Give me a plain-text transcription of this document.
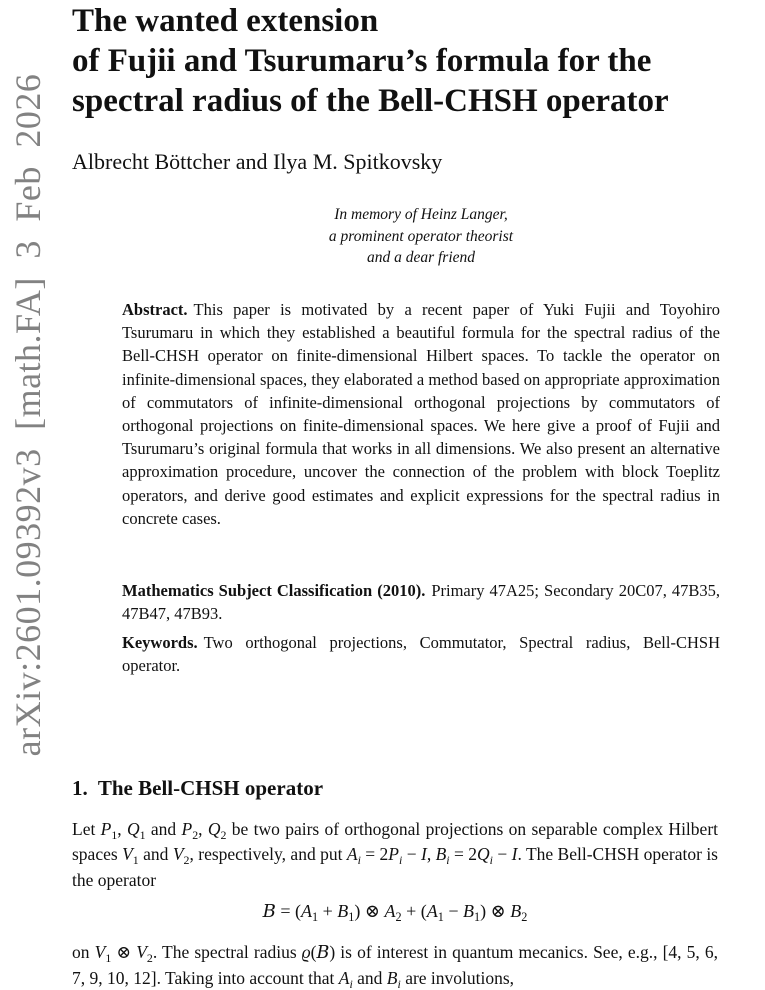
arXiv:2601.09392v3 [math.FA] 3 Feb 2026
The wanted extension
of Fujii and Tsurumaru’s formula for the
spectral radius of the Bell-CHSH operator
Albrecht Böttcher and Ilya M. Spitkovsky
In memory of Heinz Langer,
a prominent operator theorist
and a dear friend
Abstract. This paper is motivated by a recent paper of Yuki Fujii and Toyohiro Tsurumaru in which they established a beautiful formula for the spectral radius of the Bell-CHSH operator on finite-dimensional Hilbert spaces. To tackle the operator on infinite-dimensional spaces, they elaborated a method based on appropriate approximation of commutators of infinite-dimensional orthogonal projections by commutators of orthogonal projections on finite-dimensional spaces. We here give a proof of Fujii and Tsurumaru’s original formula that works in all dimensions. We also present an alternative approximation procedure, uncover the connection of the problem with block Toeplitz operators, and derive good estimates and explicit expressions for the spectral radius in concrete cases.
Mathematics Subject Classification (2010). Primary 47A25; Secondary 20C07, 47B35, 47B47, 47B93.
Keywords. Two orthogonal projections, Commutator, Spectral radius, Bell-CHSH operator.
1.  The Bell-CHSH operator
Let $P_1$, $Q_1$ and $P_2$, $Q_2$ be two pairs of orthogonal projections on separable complex Hilbert spaces $V_1$ and $V_2$, respectively, and put $A_i = 2P_i - I$, $B_i = 2Q_i - I$. The Bell-CHSH operator is the operator
$B = (A_1 + B_1)$ ⊗ $A_2 + (A_1 - B_1)$ ⊗ $B_2$
on $V_1$ ⊗ $V_2$. The spectral radius ϱ(B) is of interest in quantum mecanics. See, e.g., [4, 5, 6, 7, 9, 10, 12]. Taking into account that $A_i$ and $B_i$ are involutions,
